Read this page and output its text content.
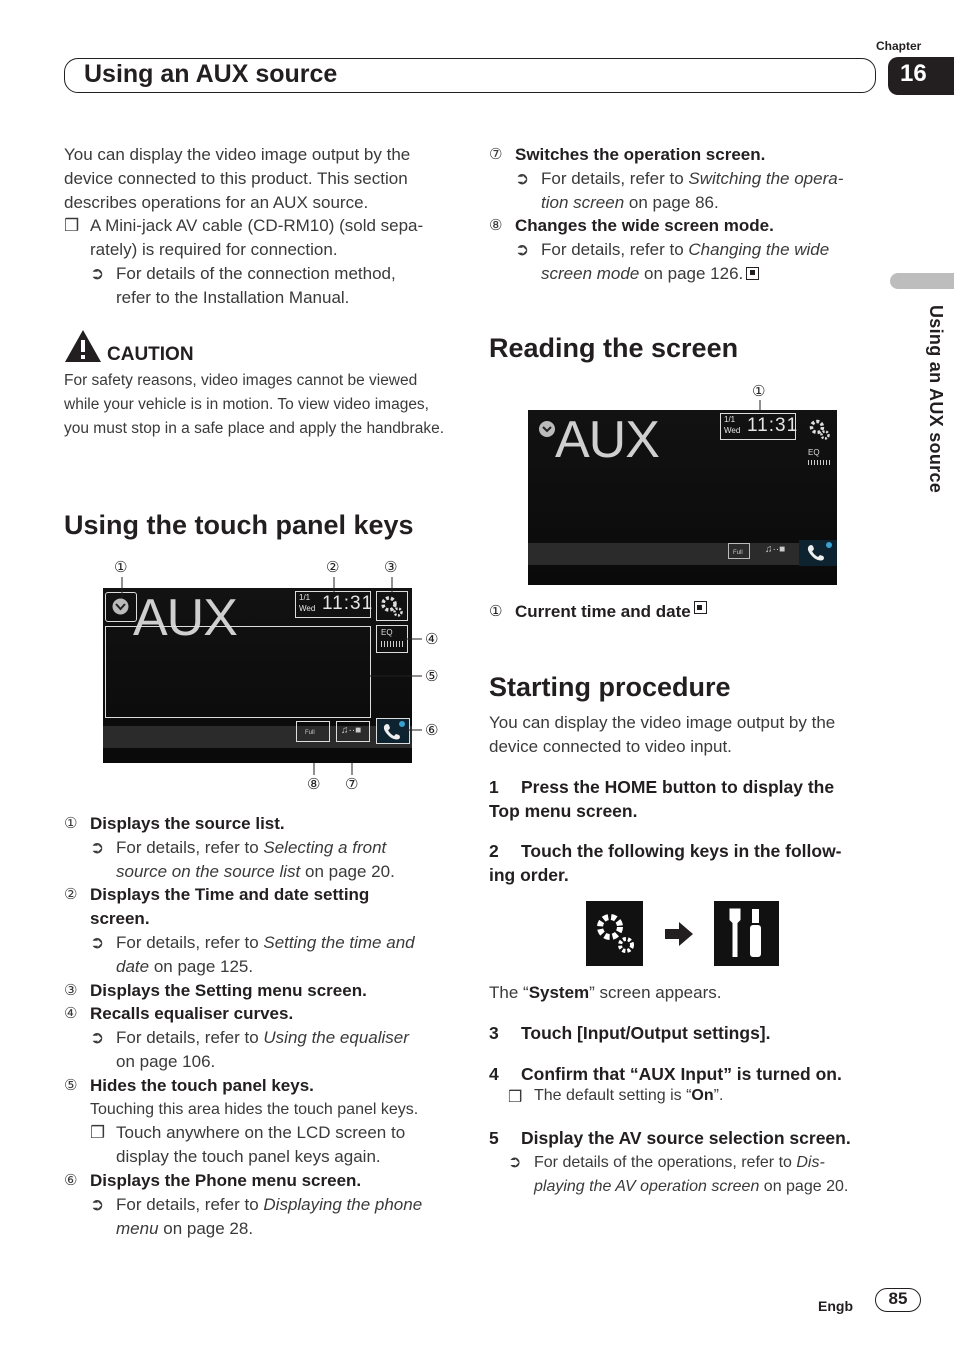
Using an AUX source
Chapter
16
Using an AUX source
You can display the video image output by the device connected to this product. This section describes operations for an AUX source.
❒ A Mini-jack AV cable (CD-RM10) (sold sepa-
rately) is required for connection.
➲ For details of the connection method,
refer to the Installation Manual.
CAUTION
For safety reasons, video images cannot be viewed while your vehicle is in motion. To view video images, you must stop in a safe place and apply the handbrake.
Using the touch panel keys
AUX	1/1
Wed 11:31
EQ
Full	♫··■
①	②	③
④
⑤
⑥
⑦
⑧
① Displays the source list.
➲ For details, refer to Selecting a front
source on the source list on page 20.
② Displays the Time and date setting
screen.
➲ For details, refer to Setting the time and
date on page 125.
③ Displays the Setting menu screen.
④ Recalls equaliser curves.
➲ For details, refer to Using the equaliser
on page 106.
⑤ Hides the touch panel keys.
Touching this area hides the touch panel keys.
❒ Touch anywhere on the LCD screen to
display the touch panel keys again.
⑥ Displays the Phone menu screen.
➲ For details, refer to Displaying the phone
menu on page 28.
⑦ Switches the operation screen.
➲ For details, refer to Switching the opera-
tion screen on page 86.
⑧ Changes the wide screen mode.
➲ For details, refer to Changing the wide
screen mode on page 126.
Reading the screen
①
AUX	1/1
Wed 11:31
EQ
Full ♫··■
① Current time and date
Starting procedure
You can display the video image output by the device connected to video input.
1	Press the HOME button to display the
Top menu screen.
2	Touch the following keys in the follow-
ing order.
The “System” screen appears.
3	Touch [Input/Output settings].
4	Confirm that “AUX Input” is turned on.
❒ The default setting is “On”.
5	Display the AV source selection screen.
➲ For details of the operations, refer to Dis-
playing the AV operation screen on page 20.
Engb	85
